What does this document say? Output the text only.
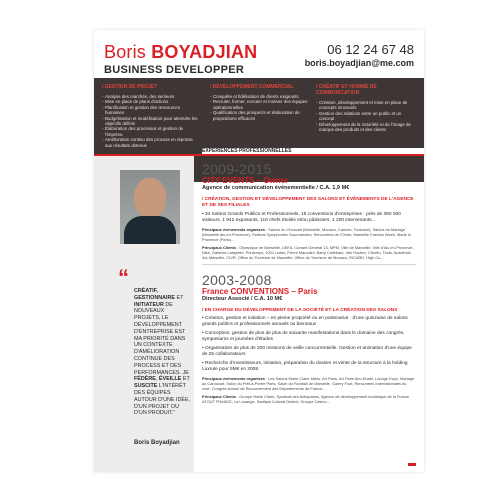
Boris BOYADJIAN	06 12 24 67 48
boris.boyadjian@me.com
BUSINESS DEVELOPPER
/ GESTION DE PROJET
- Analyse des marchés, des secteurs
- Mise en place de plans d'actions
- Planification et gestion des ressources humaines
- Budgétisation et modélisation pour atteindre les objectifs définis
- Élaboration des processus et gestion de l'imprévu
- Amélioration continu des process en réponse aux résultats obtenus
/ DÉVELOPPEMENT COMMERCIAL
- Conquête et fidélisation de clients exigeants
- Recruter, former, recruter et motiver des équipes opérationnelles
- Qualification des prospects et élaboration de propositions efficaces
/ CRÉATIF ET HOMME DE COMMUNICATION
- Création, développement et mise en place de concepts innovants
- Gestion des relations entre un public et un concept
- Développement de la notoriété et de l'image de marque des produits et des clients
EXPÉRIENCES PROFESSIONNELLES
“
CRÉATIF, GESTIONNAIRE ET INITIATEUR DE NOUVEAUX PROJETS, LE DÉVELOPPEMENT D'ENTREPRISE EST MA PRIORITÉ DANS UN CONTEXTE D'AMÉLIORATION CONTINUE DES PROCESS ET DES PERFORMANCES. JE FÉDÈRE, ÉVEILLE ET SUSCITE L'INTÉRÊT DES ÉQUIPES AUTOUR D'UNE IDÉE, D'UN PROJET OU D'UN PRODUIT.”
Boris Boyadjian
2009-2015
CITY EVENTS – Owner
Agence de communication événementielle / C.A. 1,9 M€
/ CRÉATION, GESTION ET DÉVELOPPEMENT DES SALONS ET ÉVÉNEMENTS DE L'AGENCE ET DE SES FILIALES
• 34 Salons Grands Publics et Professionnels, 15 conventions d'entreprises · près de 380 000 visiteurs, 1 942 exposants, 110 chefs étoilés et/ou pâtissiers, 1 200 intervenants...
Principaux événements organisés : Salons du Chocolat (Marseille, Monaco, Cannes, Toulouse), Salons du Mariage (Marseille Aix-en-Provence), Festival Symphonies Gourmandes, Rencontres de l'Orme, Marseille Fashion Week, Made in Provence (Paris)...
Principaux Clients : Olympique de Marseille, UEFA, Conseil Général 13, MPM, Ville de Marseille, Ville d'Aix-en-Provence, Nike, Galeries Lafayette, Printemps, 1001 Listes, Pierre Marcolini, Barry Callebaut, Van Houten, Citroën, Tesla, Académie Aix-Marseille, CIVR, Office du Tourisme de Marseille, Office du Tourisme de Monaco, RICARD, High Co...
2003-2008
France CONVENTIONS – Paris
Directeur Associé / C.A. 10 M€
/ EN CHARGE DU DÉVELOPPEMENT DE LA SOCIÉTÉ ET LA CRÉATION DES SALONS
• Création, gestion et initiation – en pleine propriété ou en partenariat · d'une quinzaine de salons grands publics et professionnels annuels ou biennaux
• Conception, gestion de plus de plus de soixante manifestations dans le domaine des congrès, symposiums et journées d'études
• Organisation de plus de 200 missions de veille concurrentielle. Gestion et animation d'une équipe de 25 collaborateurs
• Recherche d'investisseurs, initiation, préparation du dossier et vente de la structure à la holding Luxrule pour 5M€ en 2008.
Principaux événements organisés : Les Salons Marie Claire Idées, Art Paris, Art Paris Abu Dhabi, Lounge Expo, Mariage au Carrousel, Salon du Prêt-à-Porter Paris, Salon du Football de Marseille, Galery Foot, Rencontres Internationales du rosé, Congrès annuel de Recouvrement des Départements de France...
Principaux Clients : Groupe Marie Claire, Syndicat des Antiquaires, Agence de développement touristique de la France ATOUT FRANCE, La Louange, Saatiyat Cultural District, Groupe Casino...
